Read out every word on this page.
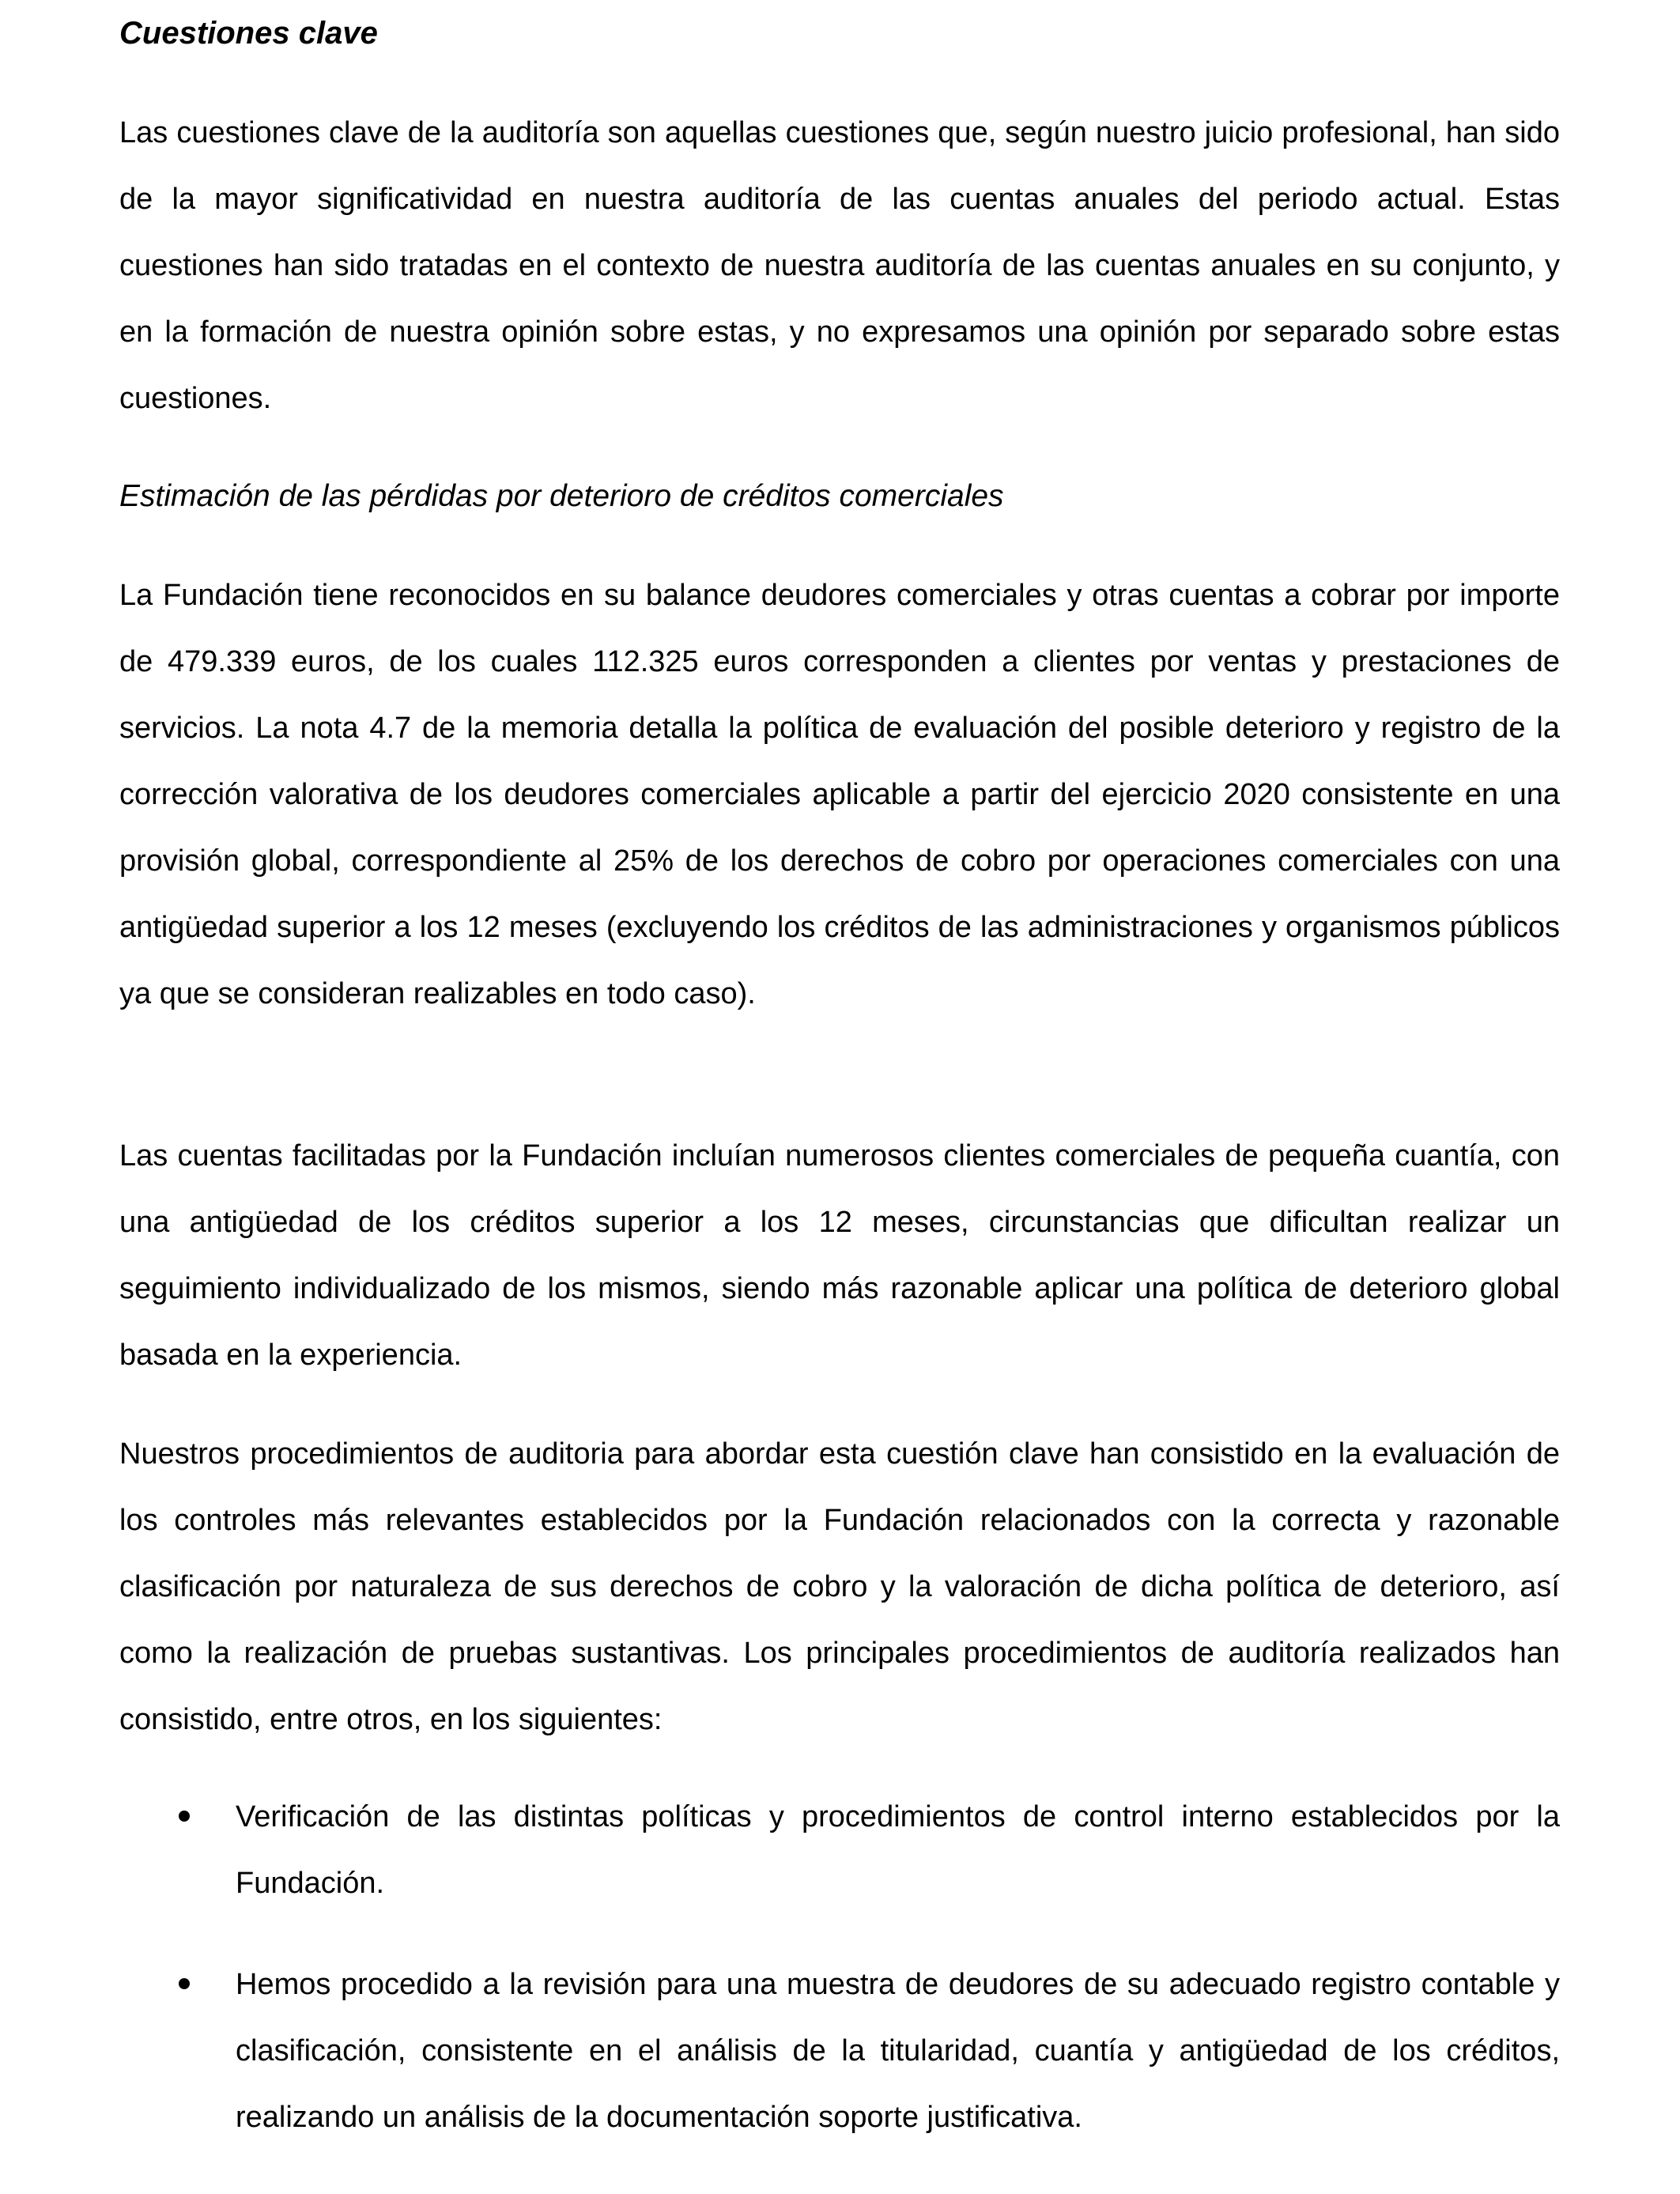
Cuestiones clave

Las cuestiones clave de la auditoría son aquellas cuestiones que, según nuestro juicio profesional, han sido de la mayor significatividad en nuestra auditoría de las cuentas anuales del periodo actual. Estas cuestiones han sido tratadas en el contexto de nuestra auditoría de las cuentas anuales en su conjunto, y en la formación de nuestra opinión sobre estas, y no expresamos una opinión por separado sobre estas cuestiones.

Estimación de las pérdidas por deterioro de créditos comerciales

La Fundación tiene reconocidos en su balance deudores comerciales y otras cuentas a cobrar por importe de 479.339 euros, de los cuales 112.325 euros corresponden a clientes por ventas y prestaciones de servicios. La nota 4.7 de la memoria detalla la política de evaluación del posible deterioro y registro de la corrección valorativa de los deudores comerciales aplicable a partir del ejercicio 2020 consistente en una provisión global, correspondiente al 25% de los derechos de cobro por operaciones comerciales con una antigüedad superior a los 12 meses (excluyendo los créditos de las administraciones y organismos públicos ya que se consideran realizables en todo caso).

Las cuentas facilitadas por la Fundación incluían numerosos clientes comerciales de pequeña cuantía, con una antigüedad de los créditos superior a los 12 meses, circunstancias que dificultan realizar un seguimiento individualizado de los mismos, siendo más razonable aplicar una política de deterioro global basada en la experiencia.

Nuestros procedimientos de auditoria para abordar esta cuestión clave han consistido en la evaluación de los controles más relevantes establecidos por la Fundación relacionados con la correcta y razonable clasificación por naturaleza de sus derechos de cobro y la valoración de dicha política de deterioro, así como la realización de pruebas sustantivas. Los principales procedimientos de auditoría realizados han consistido, entre otros, en los siguientes:

Verificación de las distintas políticas y procedimientos de control interno establecidos por la Fundación.
Hemos procedido a la revisión para una muestra de deudores de su adecuado registro contable y clasificación, consistente en el análisis de la titularidad, cuantía y antigüedad de los créditos, realizando un análisis de la documentación soporte justificativa.
